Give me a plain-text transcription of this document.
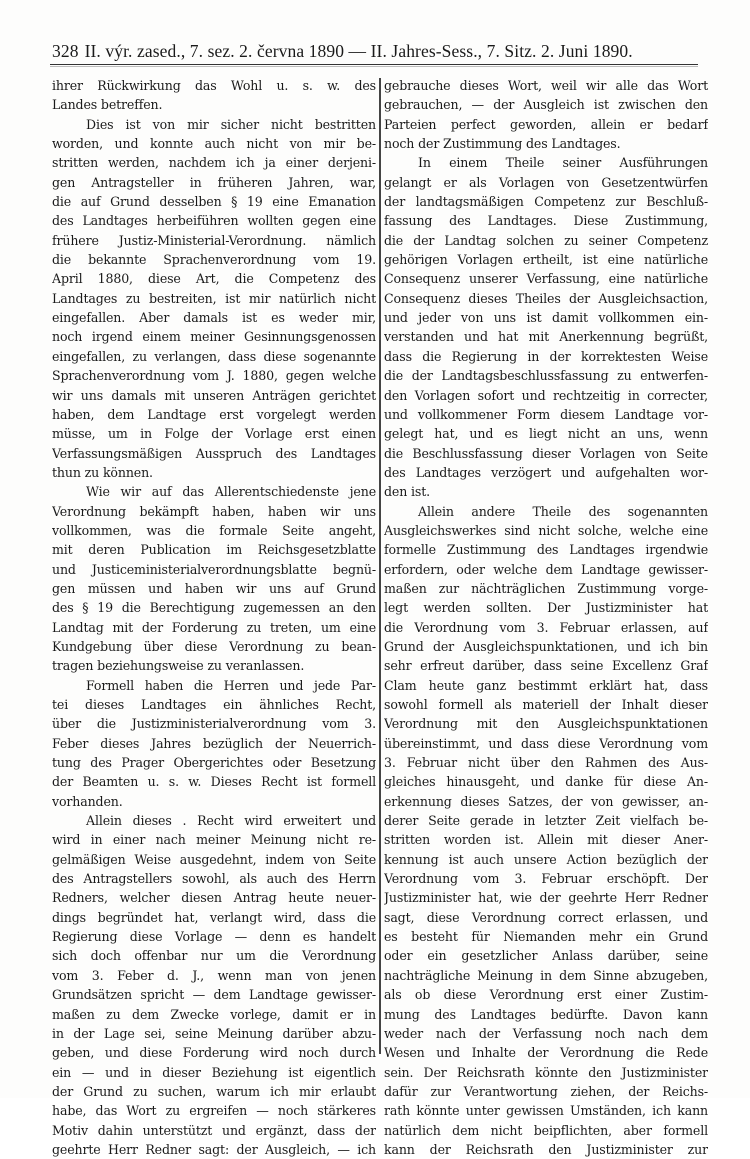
328 II. výr. zased., 7. sez. 2. června 1890 — II. Jahres-Sess., 7. Sitz. 2. Juni 1890.
ihrer Rückwirkung das Wohl u. s. w. des
Landes betreffen.
Dies ist von mir sicher nicht bestritten
worden, und konnte auch nicht von mir be-
stritten werden, nachdem ich ja einer derjeni-
gen Antragsteller in früheren Jahren, war,
die auf Grund desselben § 19 eine Emanation
des Landtages herbeiführen wollten gegen eine
frühere Justiz-Ministerial-Verordnung. nämlich
die bekannte Sprachenverordnung vom 19.
April 1880, diese Art, die Competenz des
Landtages zu bestreiten, ist mir natürlich nicht
eingefallen. Aber damals ist es weder mir,
noch irgend einem meiner Gesinnungsgenossen
eingefallen, zu verlangen, dass diese sogenannte
Sprachenverordnung vom J. 1880, gegen welche
wir uns damals mit unseren Anträgen gerichtet
haben, dem Landtage erst vorgelegt werden
müsse, um in Folge der Vorlage erst einen
Verfassungsmäßigen Ausspruch des Landtages
thun zu können.
Wie wir auf das Allerentschiedenste jene
Verordnung bekämpft haben, haben wir uns
vollkommen, was die formale Seite angeht,
mit deren Publication im Reichsgesetzblatte
und Justiceministerialverordnungsblatte begnü-
gen müssen und haben wir uns auf Grund
des § 19 die Berechtigung zugemessen an den
Landtag mit der Forderung zu treten, um eine
Kundgebung über diese Verordnung zu bean-
tragen beziehungsweise zu veranlassen.
Formell haben die Herren und jede Par-
tei dieses Landtages ein ähnliches Recht,
über die Justizministerialverordnung vom 3.
Feber dieses Jahres bezüglich der Neuerrich-
tung des Prager Obergerichtes oder Besetzung
der Beamten u. s. w. Dieses Recht ist formell
vorhanden.
Allein dieses . Recht wird erweitert und
wird in einer nach meiner Meinung nicht re-
gelmäßigen Weise ausgedehnt, indem von Seite
des Antragstellers sowohl, als auch des Herrn
Redners, welcher diesen Antrag heute neuer-
dings begründet hat, verlangt wird, dass die
Regierung diese Vorlage — denn es handelt
sich doch offenbar nur um die Verordnung
vom 3. Feber d. J., wenn man von jenen
Grundsätzen spricht — dem Landtage gewisser-
maßen zu dem Zwecke vorlege, damit er in
in der Lage sei, seine Meinung darüber abzu-
geben, und diese Forderung wird noch durch
ein — und in dieser Beziehung ist eigentlich
der Grund zu suchen, warum ich mir erlaubt
habe, das Wort zu ergreifen — noch stärkeres
Motiv dahin unterstützt und ergänzt, dass der
geehrte Herr Redner sagt: der Ausgleich, — ich
gebrauche dieses Wort, weil wir alle das Wort
gebrauchen, — der Ausgleich ist zwischen den
Parteien perfect geworden, allein er bedarf
noch der Zustimmung des Landtages.
In einem Theile seiner Ausführungen
gelangt er als Vorlagen von Gesetzentwürfen
der landtagsmäßigen Competenz zur Beschluß-
fassung des Landtages. Diese Zustimmung,
die der Landtag solchen zu seiner Competenz
gehörigen Vorlagen ertheilt, ist eine natürliche
Consequenz unserer Verfassung, eine natürliche
Consequenz dieses Theiles der Ausgleichsaction,
und jeder von uns ist damit vollkommen ein-
verstanden und hat mit Anerkennung begrüßt,
dass die Regierung in der korrektesten Weise
die der Landtagsbeschlussfassung zu entwerfen-
den Vorlagen sofort und rechtzeitig in correcter,
und vollkommener Form diesem Landtage vor-
gelegt hat, und es liegt nicht an uns, wenn
die Beschlussfassung dieser Vorlagen von Seite
des Landtages verzögert und aufgehalten wor-
den ist.
Allein andere Theile des sogenannten
Ausgleichswerkes sind nicht solche, welche eine
formelle Zustimmung des Landtages irgendwie
erfordern, oder welche dem Landtage gewisser-
maßen zur nächträglichen Zustimmung vorge-
legt werden sollten. Der Justizminister hat
die Verordnung vom 3. Februar erlassen, auf
Grund der Ausgleichspunktationen, und ich bin
sehr erfreut darüber, dass seine Excellenz Graf
Clam heute ganz bestimmt erklärt hat, dass
sowohl formell als materiell der Inhalt dieser
Verordnung mit den Ausgleichspunktationen
übereinstimmt, und dass diese Verordnung vom
3. Februar nicht über den Rahmen des Aus-
gleiches hinausgeht, und danke für diese An-
erkennung dieses Satzes, der von gewisser, an-
derer Seite gerade in letzter Zeit vielfach be-
stritten worden ist. Allein mit dieser Aner-
kennung ist auch unsere Action bezüglich der
Verordnung vom 3. Februar erschöpft. Der
Justizminister hat, wie der geehrte Herr Redner
sagt, diese Verordnung correct erlassen, und
es besteht für Niemanden mehr ein Grund
oder ein gesetzlicher Anlass darüber, seine
nachträgliche Meinung in dem Sinne abzugeben,
als ob diese Verordnung erst einer Zustim-
mung des Landtages bedürfte. Davon kann
weder nach der Verfassung noch nach dem
Wesen und Inhalte der Verordnung die Rede
sein. Der Reichsrath könnte den Justizminister
dafür zur Verantwortung ziehen, der Reichs-
rath könnte unter gewissen Umständen, ich kann
natürlich dem nicht beipflichten, aber formell
kann der Reichsrath den Justizminister zur
